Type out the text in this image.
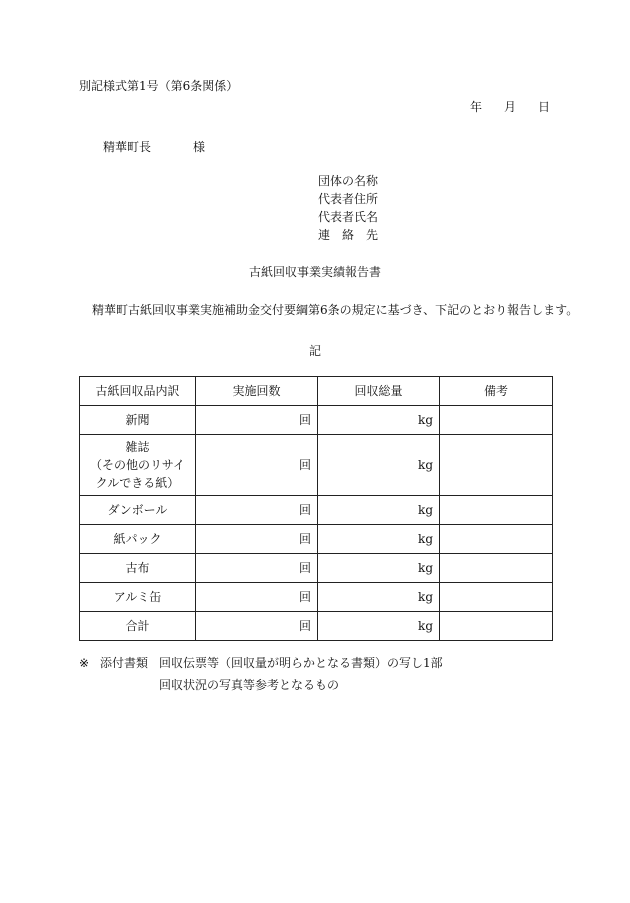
別記様式第1号（第6条関係）
年 月 日
精華町長	様
団体の名称
代表者住所
代表者氏名
連絡先
古紙回収事業実績報告書
精華町古紙回収事業実施補助金交付要綱第6条の規定に基づき、下記のとおり報告します。
記
古紙回収品内訳	実施回数	回収総量	備考
新聞	回	kg	

雑誌
（その他のリサイ
クルできる紙）	回	kg	
ダンボール	回	kg	
紙パック	回	kg	
古布	回	kg	
アルミ缶	回	kg	
合計	回	kg	
※ 添付書類 回収伝票等（回収量が明らかとなる書類）の写し1部
回収状況の写真等参考となるもの
